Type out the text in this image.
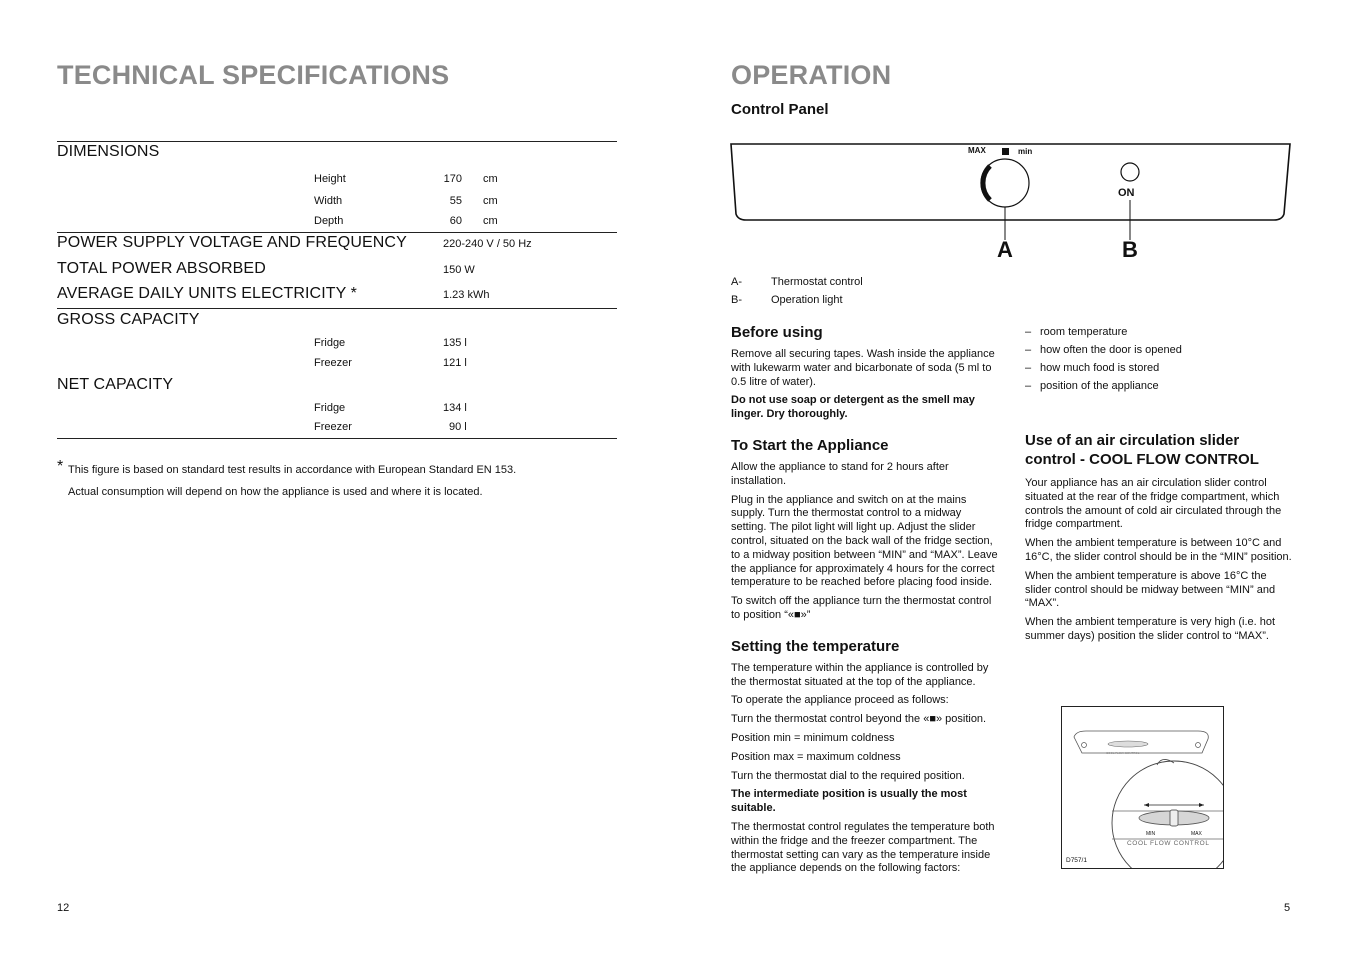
TECHNICAL SPECIFICATIONS
DIMENSIONS
Height	170 cm
Width	55 cm
Depth	60 cm
POWER SUPPLY VOLTAGE AND FREQUENCY	220-240 V / 50 Hz
TOTAL POWER ABSORBED	150 W
AVERAGE DAILY UNITS ELECTRICITY *	1.23 kWh
GROSS CAPACITY
Fridge	135 l
Freezer	121 l
NET CAPACITY
Fridge	134 l
Freezer	90 l
* This figure is based on standard test results in accordance with European Standard EN 153.
Actual consumption will depend on how the appliance is used and where it is located.
12
OPERATION
Control Panel
MAX	min
ON
A	B
A-	Thermostat control
B-	Operation light
Before using
Remove all securing tapes. Wash inside the appliance with lukewarm water and bicarbonate of soda (5 ml to 0.5 litre of water).
Do not use soap or detergent as the smell may linger. Dry thoroughly.
To Start the Appliance
Allow the appliance to stand for 2 hours after installation.
Plug in the appliance and switch on at the mains supply. Turn the thermostat control to a midway setting. The pilot light will light up. Adjust the slider control, situated on the back wall of the fridge section, to a midway position between “MIN” and “MAX”. Leave the appliance for approximately 4 hours for the correct temperature to be reached before placing food inside.
To switch off the appliance turn the thermostat control to position “«■»”
Setting the temperature
The temperature within the appliance is controlled by the thermostat situated at the top of the appliance.
To operate the appliance proceed as follows:
Turn the thermostat control beyond the «■» position.
Position min = minimum coldness
Position max = maximum coldness
Turn the thermostat dial to the required position.
The intermediate position is usually the most suitable.
The thermostat control regulates the temperature both within the fridge and the freezer compartment. The thermostat setting can vary as the temperature inside the appliance depends on the following factors:
– room temperature
– how often the door is opened
– how much food is stored
– position of the appliance
Use of an air circulation slider control - COOL FLOW CONTROL
Your appliance has an air circulation slider control situated at the rear of the fridge compartment, which controls the amount of cold air circulated through the fridge compartment.
When the ambient temperature is between 10°C and 16°C, the slider control should be in the “MIN” position.
When the ambient temperature is above 16°C the slider control should be midway between “MIN” and “MAX”.
When the ambient temperature is very high (i.e. hot summer days) position the slider control to “MAX”.
MIN	MAX
COOL FLOW CONTROL
COOL FLOW CONTROL
D757/1
5
